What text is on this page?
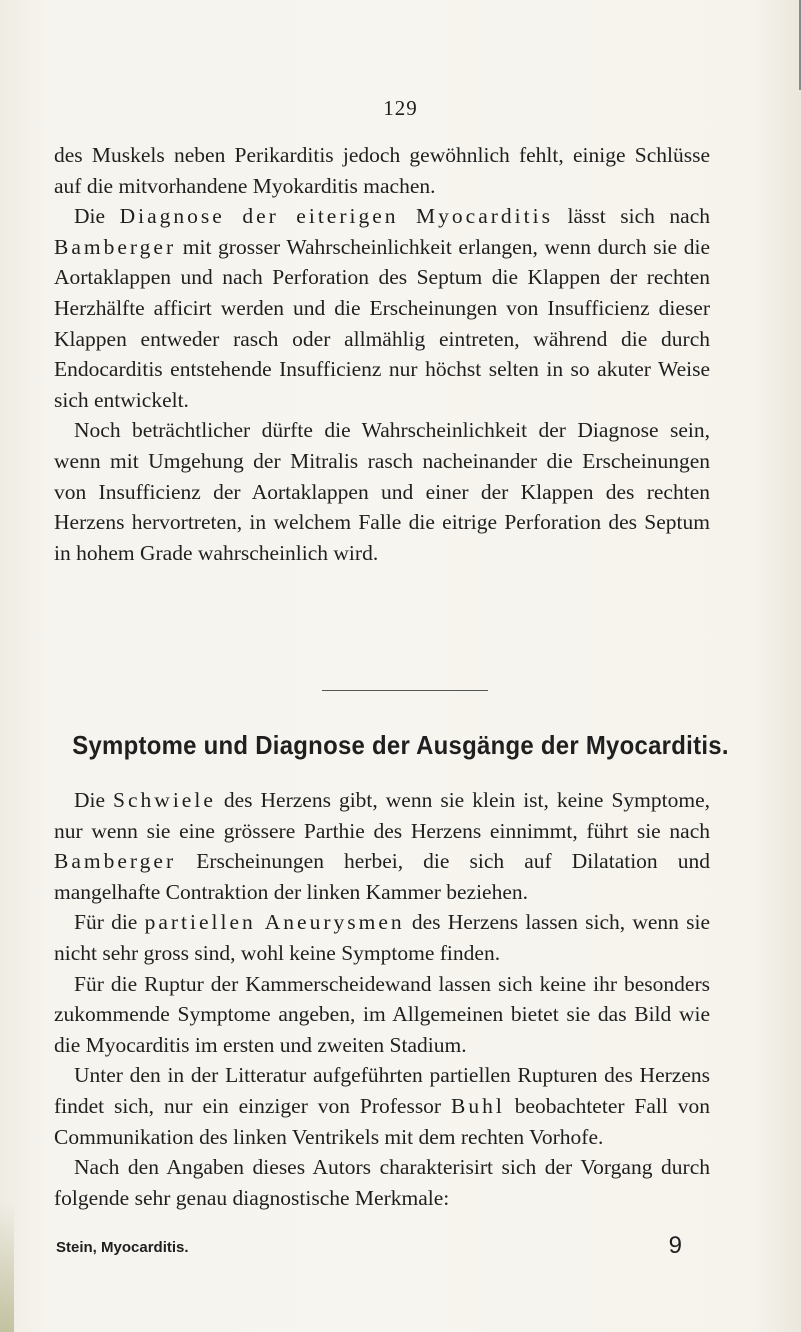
129

des Muskels neben Perikarditis jedoch gewöhnlich fehlt, einige Schlüsse auf die mitvorhandene Myokarditis machen.

Die Diagnose der eiterigen Myocarditis lässt sich nach Bamberger mit grosser Wahrscheinlichkeit erlangen, wenn durch sie die Aortaklappen und nach Perforation des Septum die Klappen der rechten Herzhälfte afficirt werden und die Erscheinungen von Insufficienz dieser Klappen entweder rasch oder allmählig eintreten, während die durch Endocarditis entstehende Insufficienz nur höchst selten in so akuter Weise sich entwickelt.

Noch beträchtlicher dürfte die Wahrscheinlichkeit der Diagnose sein, wenn mit Umgehung der Mitralis rasch nacheinander die Erscheinungen von Insufficienz der Aortaklappen und einer der Klappen des rechten Herzens hervortreten, in welchem Falle die eitrige Perforation des Septum in hohem Grade wahrscheinlich wird.

Symptome und Diagnose der Ausgänge der Myocarditis.

Die Schwiele des Herzens gibt, wenn sie klein ist, keine Symptome, nur wenn sie eine grössere Parthie des Herzens einnimmt, führt sie nach Bamberger Erscheinungen herbei, die sich auf Dilatation und mangelhafte Contraktion der linken Kammer beziehen.

Für die partiellen Aneurysmen des Herzens lassen sich, wenn sie nicht sehr gross sind, wohl keine Symptome finden.

Für die Ruptur der Kammerscheidewand lassen sich keine ihr besonders zukommende Symptome angeben, im Allgemeinen bietet sie das Bild wie die Myocarditis im ersten und zweiten Stadium.

Unter den in der Litteratur aufgeführten partiellen Rupturen des Herzens findet sich, nur ein einziger von Professor Buhl beobachteter Fall von Communikation des linken Ventrikels mit dem rechten Vorhofe.

Nach den Angaben dieses Autors charakterisirt sich der Vorgang durch folgende sehr genau diagnostische Merkmale:

Stein, Myocarditis.	9
